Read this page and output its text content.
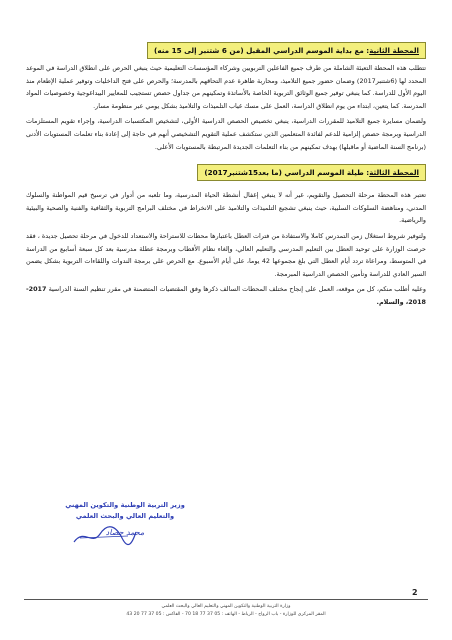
المحطة الثانية: مع بداية الموسم الدراسي المقبل (من 6 شتنبر إلى 15 منه)

تتطلب هذه المحطة التعبئة الشاملة من طرف جميع الفاعلين التربويين وشركاء المؤسسات التعليمية حيث ينبغي الحرص على انطلاق الدراسة في الموعد المحدد لها (6شتنبر2017) وضمان حضور جميع التلاميذ، ومحاربة ظاهرة عدم التحاقهم بالمدرسة؛ والحرص على فتح الداخليات وتوفير عملية الإطعام منذ اليوم الأول للدراسة. كما ينبغي توفير جميع الوثائق التربوية الخاصة بالأساتذة وتمكينهم من جداول حصص تستجيب للمعايير البيداغوجية وخصوصيات المواد المدرسة. كما يتعين، ابتداء من يوم انطلاق الدراسة، العمل على مسك غياب التلميذات والتلاميذ بشكل يومي عبر منظومة مسار.

ولضمان مسايرة جميع التلاميذ للمقررات الدراسية، ينبغي تخصيص الحصص الدراسية الأولى، لتشخيص المكتسبات الدراسية، وإجراء تقويم المستلزمات الدراسية وبرمجة حصص إلزامية للدعم لفائدة المتعلمين الذين ستكشف عملية التقويم التشخيصي أنهم في حاجة إلى إعادة بناء تعلمات المستويات الأدنى (برنامج السنة الماضية أو ماقبلها) بهدف تمكينهم من بناء التعلمات الجديدة المرتبطة بالمستويات الأعلى.

المحطة الثالثة: طيلة الموسم الدراسي (ما بعد15شتنبر2017)

تعتبر هذه المحطة مرحلة التحصيل والتقويم، غير أنه لا ينبغي إغفال أنشطة الحياة المدرسية، وما تلعبه من أدوار في ترسيخ قيم المواطنة والسلوك المدني، ومناهضة السلوكات السلبية، حيث ينبغي تشجيع التلميذات والتلاميذ على الانخراط في مختلف البرامج التربوية والثقافية والفنية والصحية والبيئية والرياضية.

ولتوفير شروط استغلال زمن التمدرس كاملا والاستفادة من فترات العطل باعتبارها محطات للاستراحة والاستعداد للدخول في مرحلة تحصيل جديدة ، فقد حرصت الوزارة على توحيد العطل بين التعليم المدرسي والتعليم العالي، وإلغاء نظام الأقطاب وبرمجة عطلة مدرسية بعد كل سبعة أسابيع من الدراسة في المتوسط، ومراعاة تردد أيام العطل التي بلغ مجموعها 42 يوما، على أيام الأسبوع. مع الحرص على برمجة الندوات واللقاءات التربوية بشكل يضمن السير العادي للدراسة وتأمين الحصص الدراسية المبرمجة.

وعليه أطلب منكم، كل من موقعه، العمل على إنجاح مختلف المحطات السالف ذكرها وفق المقتضيات المتضمنة في مقرر تنظيم السنة الدراسية 2017-2018، والسلام.

وزير التربية الوطنية والتكوين المهني
والتعليم العالي والبحث العلمي
محمد حصاد
2
وزارة التربية الوطنية والتكوين المهني والتعليم العالي والبحث العلمي
المقر المركزي للوزارة - باب الرواح - الرباط - الهاتف : 05 37 77 18 70 - الفاكس : 05 37 77 20 43
